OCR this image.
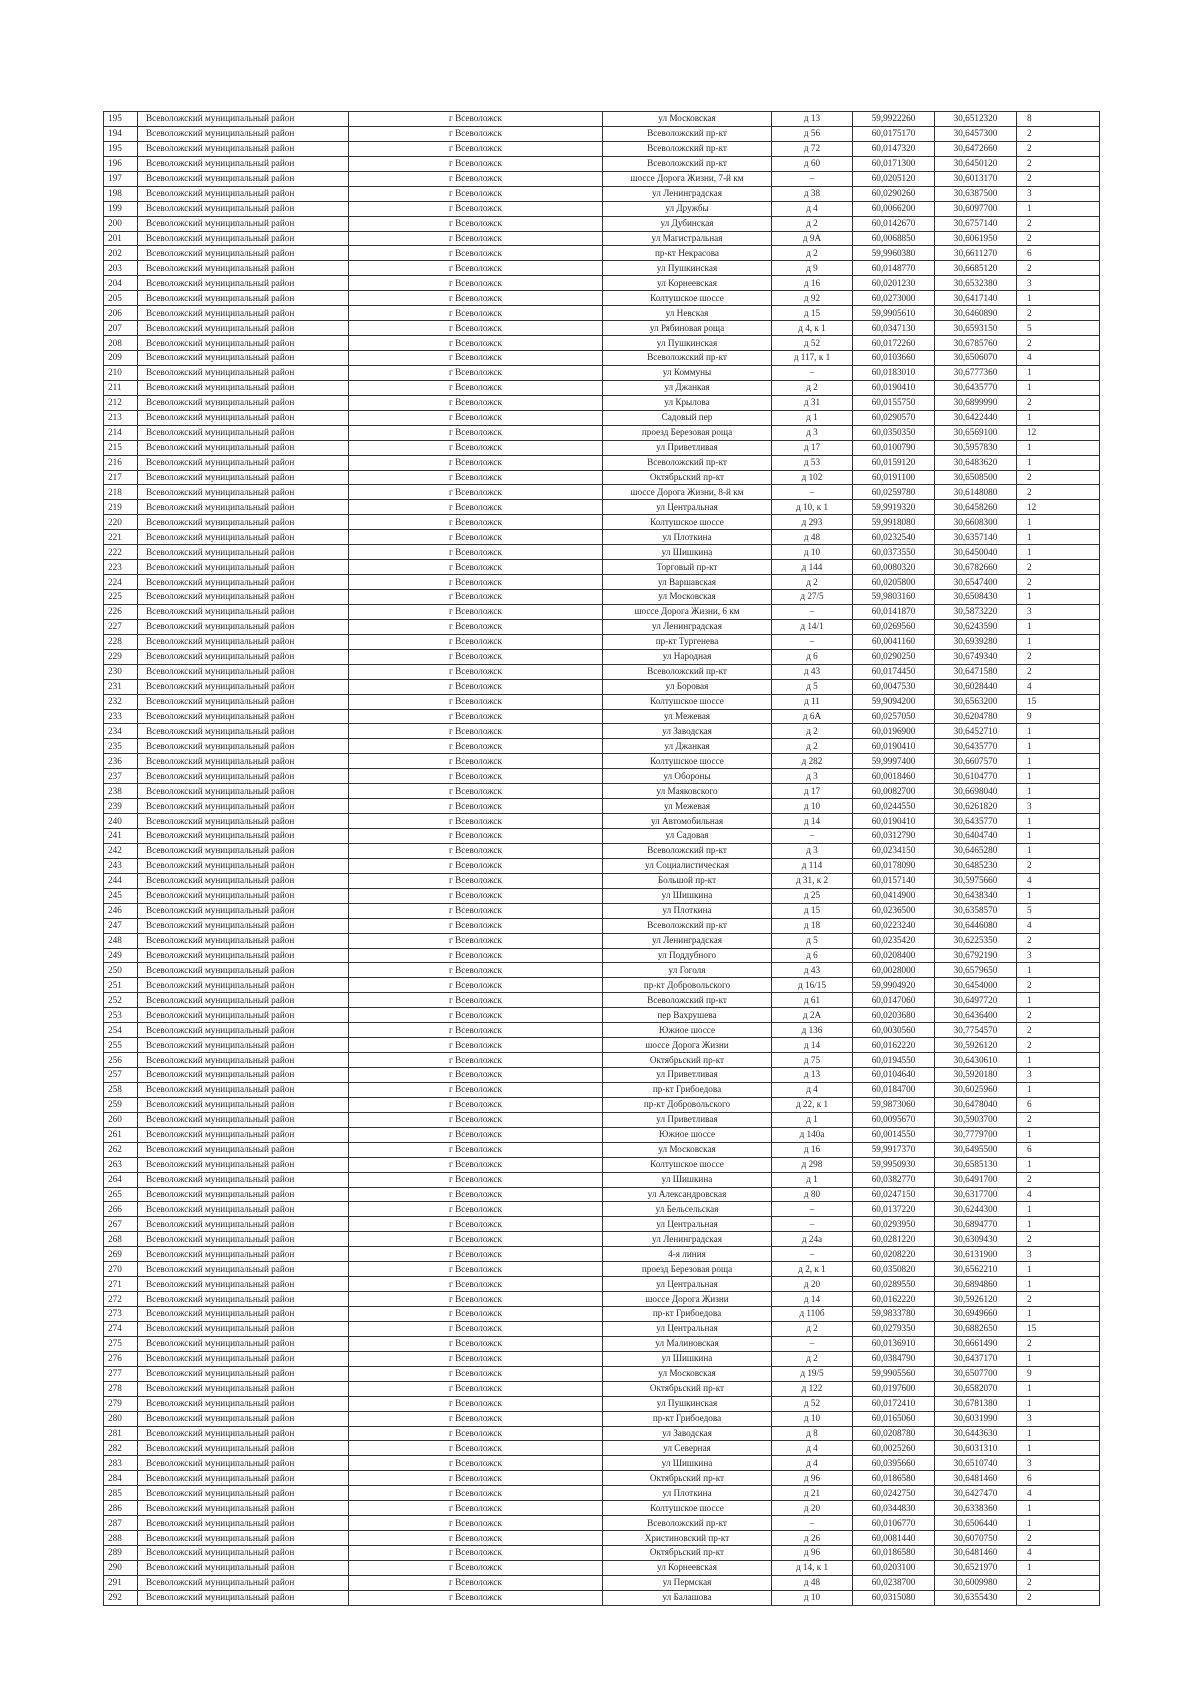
195	Всеволожский муниципальный район	г Всеволожск	ул Московская	д 13	59,9922260	30,6512320	8
194	Всеволожский муниципальный район	г Всеволожск	Всеволожский пр-кт	д 56	60,0175170	30,6457300	2
195	Всеволожский муниципальный район	г Всеволожск	Всеволожский пр-кт	д 72	60,0147320	30,6472660	2
196	Всеволожский муниципальный район	г Всеволожск	Всеволожский пр-кт	д 60	60,0171300	30,6450120	2
197	Всеволожский муниципальный район	г Всеволожск	шоссе Дорога Жизни, 7-й км	–	60,0205120	30,6013170	2
198	Всеволожский муниципальный район	г Всеволожск	ул Ленинградская	д 38	60,0290260	30,6387500	3
199	Всеволожский муниципальный район	г Всеволожск	ул Дружбы	д 4	60,0066200	30,6097700	1
200	Всеволожский муниципальный район	г Всеволожск	ул Дубинская	д 2	60,0142670	30,6757140	2
201	Всеволожский муниципальный район	г Всеволожск	ул Магистральная	д 9А	60,0068850	30,6061950	2
202	Всеволожский муниципальный район	г Всеволожск	пр-кт Некрасова	д 2	59,9960380	30,6611270	6
203	Всеволожский муниципальный район	г Всеволожск	ул Пушкинская	д 9	60,0148770	30,6685120	2
204	Всеволожский муниципальный район	г Всеволожск	ул Корнеевская	д 16	60,0201230	30,6532380	3
205	Всеволожский муниципальный район	г Всеволожск	Колтушское шоссе	д 92	60,0273000	30,6417140	1
206	Всеволожский муниципальный район	г Всеволожск	ул Невская	д 15	59,9905610	30,6460890	2
207	Всеволожский муниципальный район	г Всеволожск	ул Рябиновая роща	д 4, к 1	60,0347130	30,6593150	5
208	Всеволожский муниципальный район	г Всеволожск	ул Пушкинская	д 52	60,0172260	30,6785760	2
209	Всеволожский муниципальный район	г Всеволожск	Всеволожский пр-кт	д 117, к 1	60,0103660	30,6506070	4
210	Всеволожский муниципальный район	г Всеволожск	ул Коммуны	–	60,0183010	30,6777360	1
211	Всеволожский муниципальный район	г Всеволожск	ул Джанкая	д 2	60,0190410	30,6435770	1
212	Всеволожский муниципальный район	г Всеволожск	ул Крылова	д 31	60,0155750	30,6899990	2
213	Всеволожский муниципальный район	г Всеволожск	Садовый пер	д 1	60,0290570	30,6422440	1
214	Всеволожский муниципальный район	г Всеволожск	проезд Березовая роща	д 3	60,0350350	30,6569100	12
215	Всеволожский муниципальный район	г Всеволожск	ул Приветливая	д 17	60,0100790	30,5957830	1
216	Всеволожский муниципальный район	г Всеволожск	Всеволожский пр-кт	д 53	60,0159120	30,6483620	1
217	Всеволожский муниципальный район	г Всеволожск	Октябрьский пр-кт	д 102	60,0191100	30,6508500	2
218	Всеволожский муниципальный район	г Всеволожск	шоссе Дорога Жизни, 8-й км	–	60,0259780	30,6148080	2
219	Всеволожский муниципальный район	г Всеволожск	ул Центральная	д 10, к 1	59,9919320	30,6458260	12
220	Всеволожский муниципальный район	г Всеволожск	Колтушское шоссе	д 293	59,9918080	30,6608300	1
221	Всеволожский муниципальный район	г Всеволожск	ул Плоткина	д 48	60,0232540	30,6357140	1
222	Всеволожский муниципальный район	г Всеволожск	ул Шишкина	д 10	60,0373550	30,6450040	1
223	Всеволожский муниципальный район	г Всеволожск	Торговый пр-кт	д 144	60,0080320	30,6782660	2
224	Всеволожский муниципальный район	г Всеволожск	ул Варшавская	д 2	60,0205800	30,6547400	2
225	Всеволожский муниципальный район	г Всеволожск	ул Московская	д 27/5	59,9803160	30,6508430	1
226	Всеволожский муниципальный район	г Всеволожск	шоссе Дорога Жизни, 6 км	–	60,0141870	30,5873220	3
227	Всеволожский муниципальный район	г Всеволожск	ул Ленинградская	д 14/1	60,0269560	30,6243590	1
228	Всеволожский муниципальный район	г Всеволожск	пр-кт Тургенева	–	60,0041160	30,6939280	1
229	Всеволожский муниципальный район	г Всеволожск	ул Народная	д 6	60,0290250	30,6749340	2
230	Всеволожский муниципальный район	г Всеволожск	Всеволожский пр-кт	д 43	60,0174450	30,6471580	2
231	Всеволожский муниципальный район	г Всеволожск	ул Боровая	д 5	60,0047530	30,6028440	4
232	Всеволожский муниципальный район	г Всеволожск	Колтушское шоссе	д 11	59,9094200	30,6563200	15
233	Всеволожский муниципальный район	г Всеволожск	ул Межевая	д 6А	60,0257050	30,6204780	9
234	Всеволожский муниципальный район	г Всеволожск	ул Заводская	д 2	60,0196900	30,6452710	1
235	Всеволожский муниципальный район	г Всеволожск	ул Джанкая	д 2	60,0190410	30,6435770	1
236	Всеволожский муниципальный район	г Всеволожск	Колтушское шоссе	д 282	59,9997400	30,6607570	1
237	Всеволожский муниципальный район	г Всеволожск	ул Обороны	д 3	60,0018460	30,6104770	1
238	Всеволожский муниципальный район	г Всеволожск	ул Маяковского	д 17	60,0082700	30,6698040	1
239	Всеволожский муниципальный район	г Всеволожск	ул Межевая	д 10	60,0244550	30,6261820	3
240	Всеволожский муниципальный район	г Всеволожск	ул Автомобильная	д 14	60,0190410	30,6435770	1
241	Всеволожский муниципальный район	г Всеволожск	ул Садовая	–	60,0312790	30,6404740	1
242	Всеволожский муниципальный район	г Всеволожск	Всеволожский пр-кт	д 3	60,0234150	30,6465280	1
243	Всеволожский муниципальный район	г Всеволожск	ул Социалистическая	д 114	60,0178090	30,6485230	2
244	Всеволожский муниципальный район	г Всеволожск	Большой пр-кт	д 31, к 2	60,0157140	30,5975660	4
245	Всеволожский муниципальный район	г Всеволожск	ул Шишкина	д 25	60,0414900	30,6438340	1
246	Всеволожский муниципальный район	г Всеволожск	ул Плоткина	д 15	60,0236500	30,6358570	5
247	Всеволожский муниципальный район	г Всеволожск	Всеволожский пр-кт	д 18	60,0223240	30,6446080	4
248	Всеволожский муниципальный район	г Всеволожск	ул Ленинградская	д 5	60,0235420	30,6225350	2
249	Всеволожский муниципальный район	г Всеволожск	ул Поддубного	д 6	60,0208400	30,6792190	3
250	Всеволожский муниципальный район	г Всеволожск	ул Гоголя	д 43	60,0028000	30,6579650	1
251	Всеволожский муниципальный район	г Всеволожск	пр-кт Добровольского	д 16/15	59,9904920	30,6454000	2
252	Всеволожский муниципальный район	г Всеволожск	Всеволожский пр-кт	д 61	60,0147060	30,6497720	1
253	Всеволожский муниципальный район	г Всеволожск	пер Вахрушева	д 2А	60,0203680	30,6436400	2
254	Всеволожский муниципальный район	г Всеволожск	Южное шоссе	д 136	60,0030560	30,7754570	2
255	Всеволожский муниципальный район	г Всеволожск	шоссе Дорога Жизни	д 14	60,0162220	30,5926120	2
256	Всеволожский муниципальный район	г Всеволожск	Октябрьский пр-кт	д 75	60,0194550	30,6430610	1
257	Всеволожский муниципальный район	г Всеволожск	ул Приветливая	д 13	60,0104640	30,5920180	3
258	Всеволожский муниципальный район	г Всеволожск	пр-кт Грибоедова	д 4	60,0184700	30,6025960	1
259	Всеволожский муниципальный район	г Всеволожск	пр-кт Добровольского	д 22, к 1	59,9873060	30,6478040	6
260	Всеволожский муниципальный район	г Всеволожск	ул Приветливая	д 1	60,0095670	30,5903700	2
261	Всеволожский муниципальный район	г Всеволожск	Южное шоссе	д 140а	60,0014550	30,7779700	1
262	Всеволожский муниципальный район	г Всеволожск	ул Московская	д 16	59,9917370	30,6495500	6
263	Всеволожский муниципальный район	г Всеволожск	Колтушское шоссе	д 298	59,9950930	30,6585130	1
264	Всеволожский муниципальный район	г Всеволожск	ул Шишкина	д 1	60,0382770	30,6491700	2
265	Всеволожский муниципальный район	г Всеволожск	ул Александровская	д 80	60,0247150	30,6317700	4
266	Всеволожский муниципальный район	г Всеволожск	ул Бельсельская	–	60,0137220	30,6244300	1
267	Всеволожский муниципальный район	г Всеволожск	ул Центральная	–	60,0293950	30,6894770	1
268	Всеволожский муниципальный район	г Всеволожск	ул Ленинградская	д 24а	60,0281220	30,6309430	2
269	Всеволожский муниципальный район	г Всеволожск	4-я линия	–	60,0208220	30,6131900	3
270	Всеволожский муниципальный район	г Всеволожск	проезд Березовая роща	д 2, к 1	60,0350820	30,6562210	1
271	Всеволожский муниципальный район	г Всеволожск	ул Центральная	д 20	60,0289550	30,6894860	1
272	Всеволожский муниципальный район	г Всеволожск	шоссе Дорога Жизни	д 14	60,0162220	30,5926120	2
273	Всеволожский муниципальный район	г Всеволожск	пр-кт Грибоедова	д 110б	59,9833780	30,6949660	1
274	Всеволожский муниципальный район	г Всеволожск	ул Центральная	д 2	60,0279350	30,6882650	15
275	Всеволожский муниципальный район	г Всеволожск	ул Малиновская	–	60,0136910	30,6661490	2
276	Всеволожский муниципальный район	г Всеволожск	ул Шишкина	д 2	60,0384790	30,6437170	1
277	Всеволожский муниципальный район	г Всеволожск	ул Московская	д 19/5	59,9905560	30,6507700	9
278	Всеволожский муниципальный район	г Всеволожск	Октябрьский пр-кт	д 122	60,0197600	30,6582070	1
279	Всеволожский муниципальный район	г Всеволожск	ул Пушкинская	д 52	60,0172410	30,6781380	1
280	Всеволожский муниципальный район	г Всеволожск	пр-кт Грибоедова	д 10	60,0165060	30,6031990	3
281	Всеволожский муниципальный район	г Всеволожск	ул Заводская	д 8	60,0208780	30,6443630	1
282	Всеволожский муниципальный район	г Всеволожск	ул Северная	д 4	60,0025260	30,6031310	1
283	Всеволожский муниципальный район	г Всеволожск	ул Шишкина	д 4	60,0395660	30,6510740	3
284	Всеволожский муниципальный район	г Всеволожск	Октябрьский пр-кт	д 96	60,0186580	30,6481460	6
285	Всеволожский муниципальный район	г Всеволожск	ул Плоткина	д 21	60,0242750	30,6427470	4
286	Всеволожский муниципальный район	г Всеволожск	Колтушское шоссе	д 20	60,0344830	30,6338360	1
287	Всеволожский муниципальный район	г Всеволожск	Всеволожский пр-кт	–	60,0106770	30,6506440	1
288	Всеволожский муниципальный район	г Всеволожск	Христиновский пр-кт	д 26	60,0081440	30,6070750	2
289	Всеволожский муниципальный район	г Всеволожск	Октябрьский пр-кт	д 96	60,0186580	30,6481460	4
290	Всеволожский муниципальный район	г Всеволожск	ул Корнеевская	д 14, к 1	60,0203100	30,6521970	1
291	Всеволожский муниципальный район	г Всеволожск	ул Пермская	д 48	60,0238700	30,6009980	2
292	Всеволожский муниципальный район	г Всеволожск	ул Балашова	д 10	60,0315080	30,6355430	2
